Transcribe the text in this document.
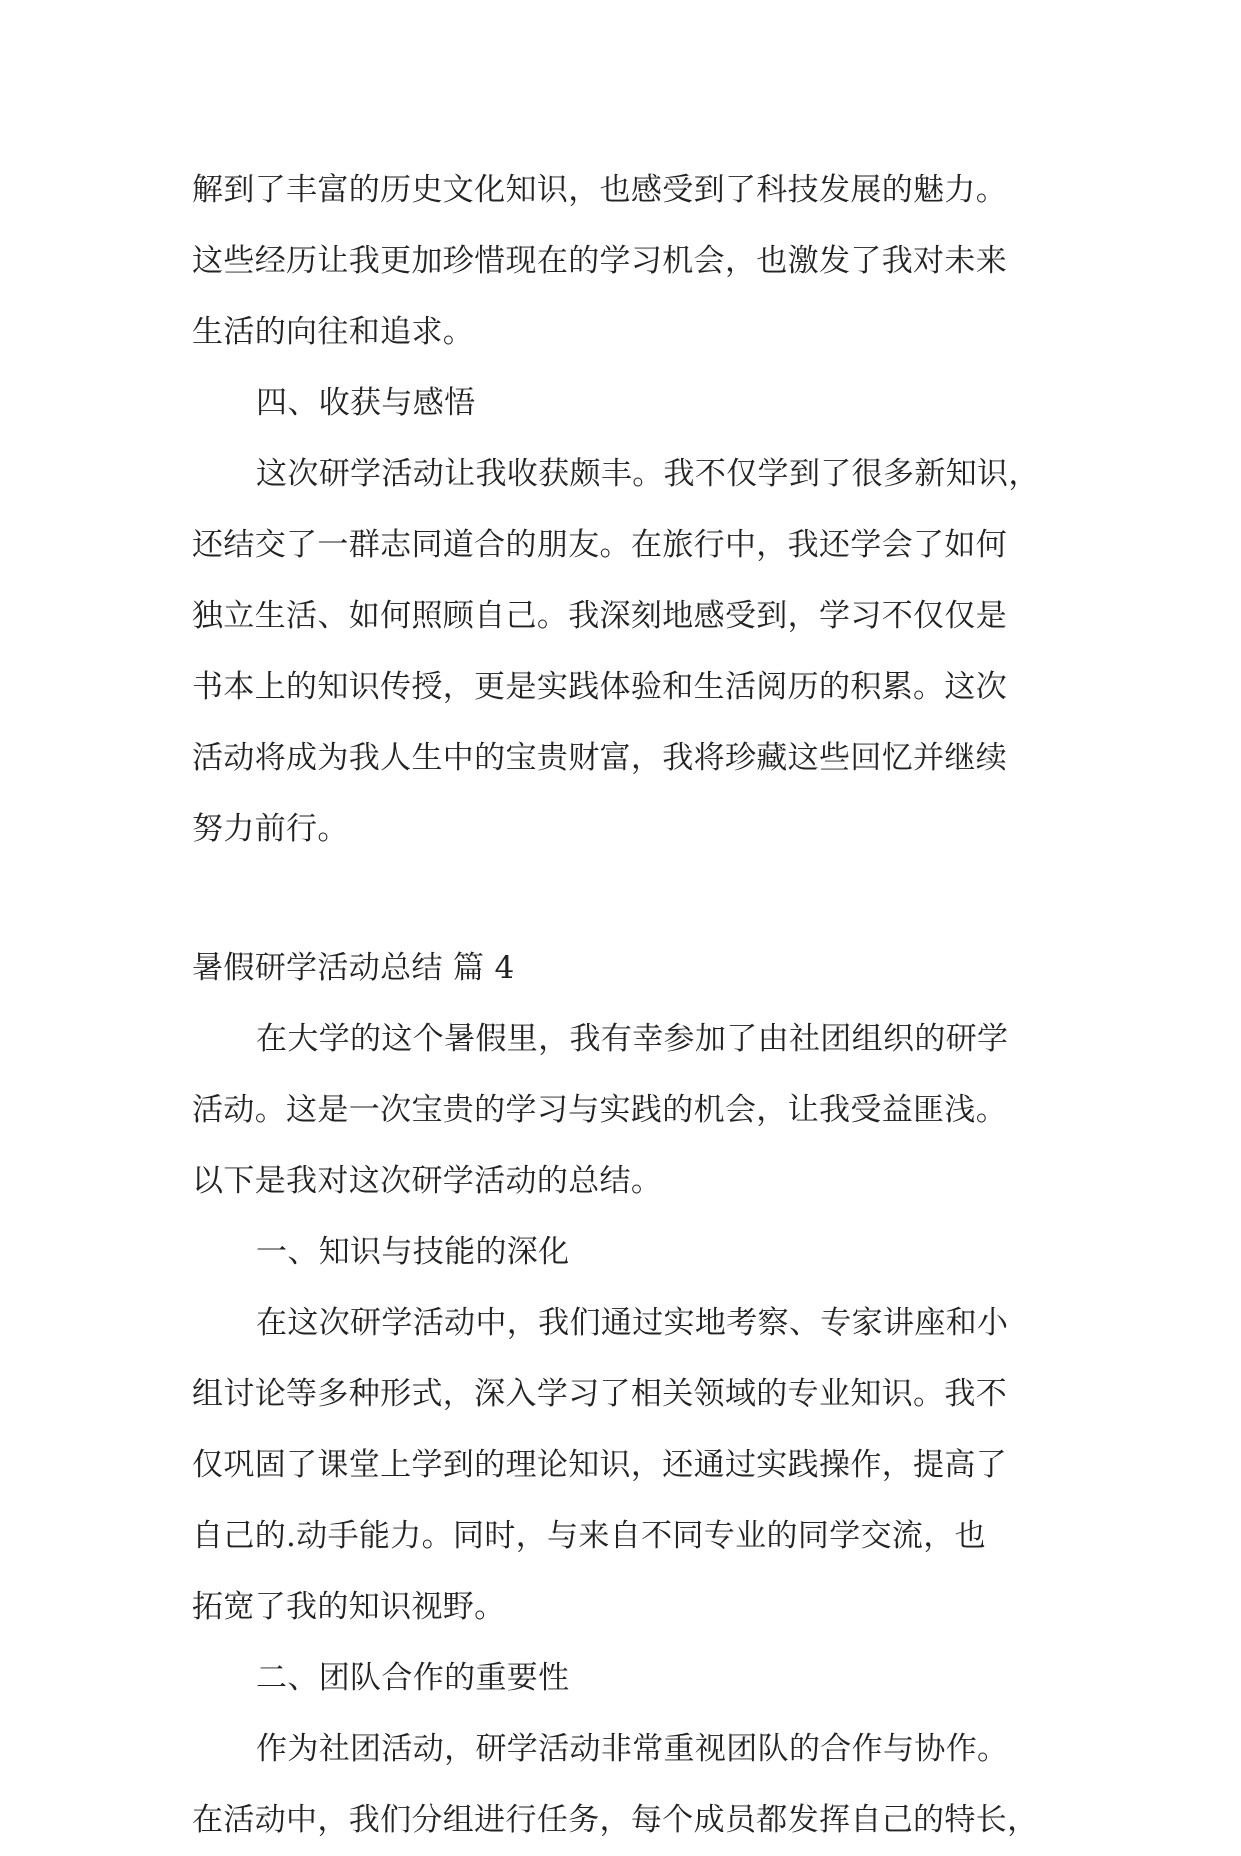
解到了丰富的历史文化知识，也感受到了科技发展的魅力。
这些经历让我更加珍惜现在的学习机会，也激发了我对未来
生活的向往和追求。
四、收获与感悟
这次研学活动让我收获颇丰。我不仅学到了很多新知识，
还结交了一群志同道合的朋友。在旅行中，我还学会了如何
独立生活、如何照顾自己。我深刻地感受到，学习不仅仅是
书本上的知识传授，更是实践体验和生活阅历的积累。这次
活动将成为我人生中的宝贵财富，我将珍藏这些回忆并继续
努力前行。
暑假研学活动总结 篇 4
在大学的这个暑假里，我有幸参加了由社团组织的研学
活动。这是一次宝贵的学习与实践的机会，让我受益匪浅。
以下是我对这次研学活动的总结。
一、知识与技能的深化
在这次研学活动中，我们通过实地考察、专家讲座和小
组讨论等多种形式，深入学习了相关领域的专业知识。我不
仅巩固了课堂上学到的理论知识，还通过实践操作，提高了
自己的.动手能力。同时，与来自不同专业的同学交流，也
拓宽了我的知识视野。
二、团队合作的重要性
作为社团活动，研学活动非常重视团队的合作与协作。
在活动中，我们分组进行任务，每个成员都发挥自己的特长，
